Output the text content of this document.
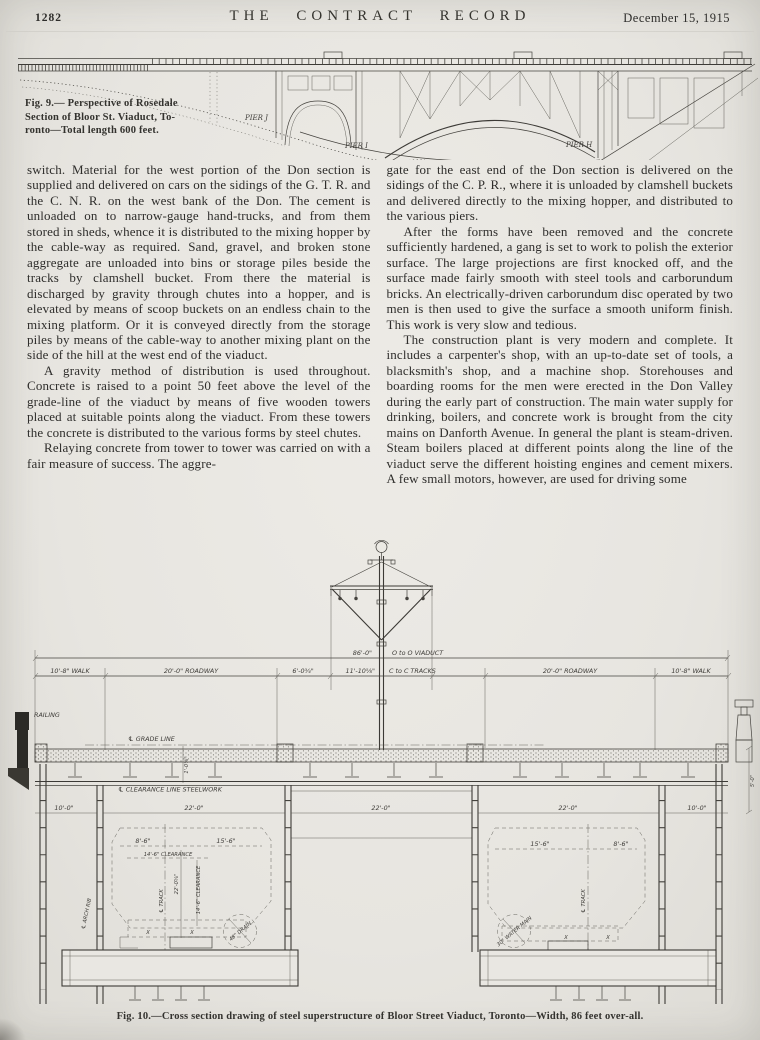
1282	THE CONTRACT RECORD	December 15, 1915
PIER J
PIER I	PIER H
Fig. 9.— Perspective of Rosedale
Section of Bloor St. Viaduct, To-
ronto—Total length 600 feet.

switch. Material for the west portion of the Don section is supplied and delivered on cars on the sidings of the G. T. R. and the C. N. R. on the west bank of the Don. The cement is unloaded on to narrow-gauge hand-trucks, and from them stored in sheds, whence it is distributed to the mixing hopper by the cable-way as required. Sand, gravel, and broken stone aggregate are unloaded into bins or storage piles beside the tracks by clamshell bucket. From there the material is discharged by gravity through chutes into a hopper, and is elevated by means of scoop buckets on an endless chain to the mixing platform. Or it is conveyed directly from the storage piles by means of the cable-way to another mixing plant on the side of the hill at the west end of the viaduct.

A gravity method of distribution is used throughout. Concrete is raised to a point 50 feet above the level of the grade-line of the viaduct by means of five wooden towers placed at suitable points along the viaduct. From these towers the concrete is distributed to the various forms by steel chutes.

Relaying concrete from tower to tower was carried on with a fair measure of success. The aggre-

gate for the east end of the Don section is delivered on the sidings of the C. P. R., where it is unloaded by clamshell buckets and delivered directly to the mixing hopper, and distributed to the various piers.

After the forms have been removed and the concrete sufficiently hardened, a gang is set to work to polish the exterior surface. The large projections are first knocked off, and the surface made fairly smooth with steel tools and carborundum bricks. An electrically-driven carborundum disc operated by two men is then used to give the surface a smooth uniform finish. This work is very slow and tedious.

The construction plant is very modern and complete. It includes a carpenter's shop, with an up-to-date set of tools, a blacksmith's shop, and a machine shop. Storehouses and boarding rooms for the men were erected in the Don Valley during the early part of construction. The main water supply for drinking, boilers, and concrete work is brought from the city mains on Danforth Avenue. In general the plant is steam-driven. Steam boilers placed at different points along the line of the viaduct serve the different hoisting engines and cement mixers. A few small motors, however, are used for driving some

86'-0"	O to O VIADUCT
10'-8" WALK	20'-0" ROADWAY	6'-0¾"	11'-10⅝" C to C TRACKS	20'-0" ROADWAY	10'-8" WALK
RAILING
5'-0"
℄ GRADE LINE
1'-0⅞"
℄ CLEARANCE LINE STEELWORK
10'-0"	22'-0"	22'-0"	22'-0"	10'-0"
8'-6"	15'-6"
14'-6" CLEARANCE
22'-0⅝"
℄ TRACK	14'-6" CLEARANCE
℄ ARCH RIB
X	X	48" DRAIN
15'-6"	8'-6"
℄ TRACK
X	X
30" WATER MAIN
Fig. 10.—Cross section drawing of steel superstructure of Bloor Street Viaduct, Toronto—Width, 86 feet over-all.
